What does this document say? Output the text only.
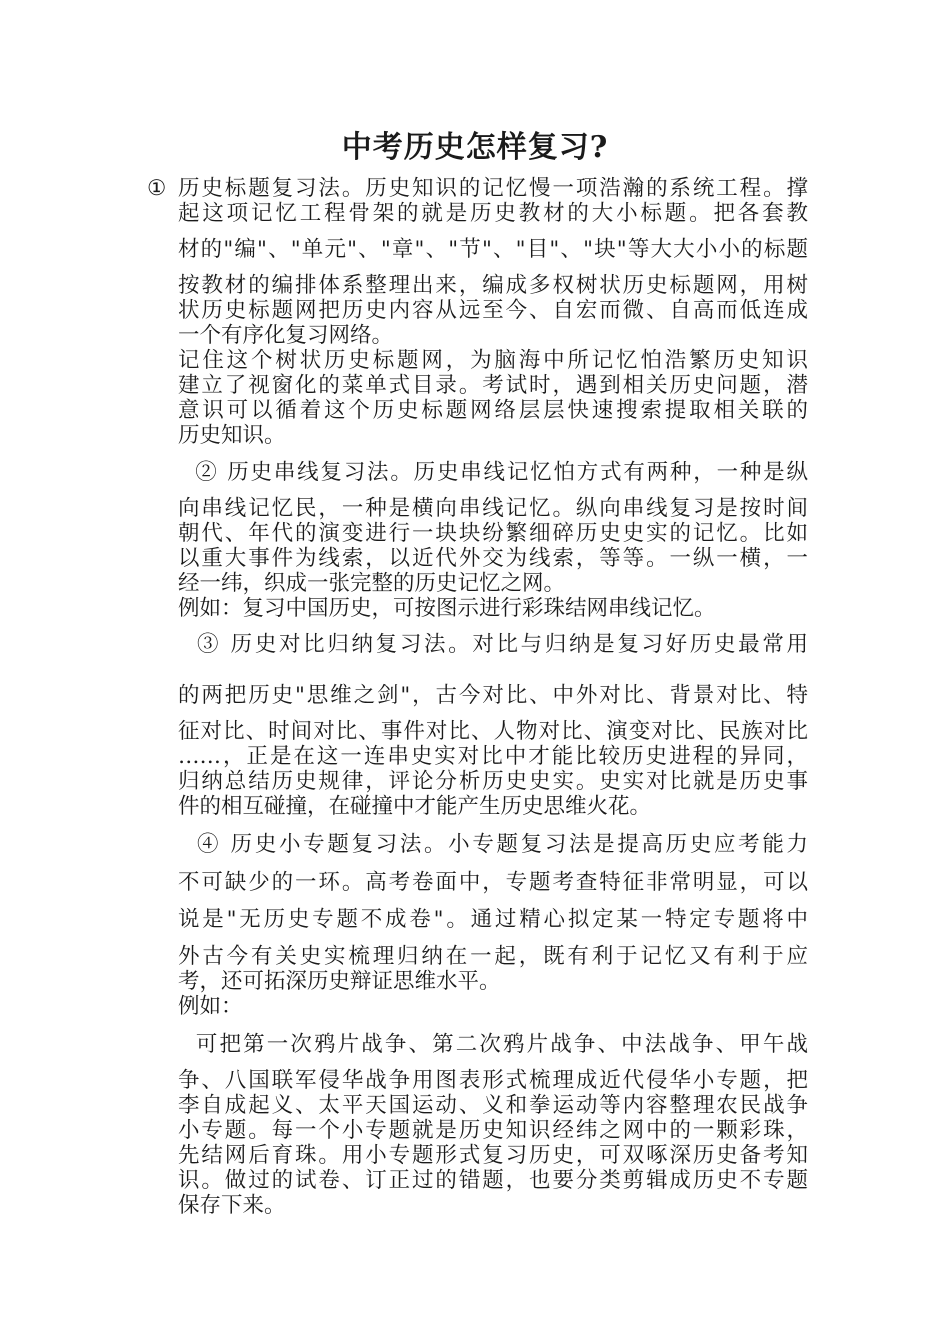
中考历史怎样复习?
① 历史标题复习法。历史知识的记忆慢一项浩瀚的系统工程。撑
起这项记忆工程骨架的就是历史教材的大小标题。把各套教
材的"编"、"单元"、"章"、"节"、"目"、"块"等大大小小的标题
按教材的编排体系整理出来，编成多权树状历史标题网，用树
状历史标题网把历史内容从远至今、自宏而微、自高而低连成
一个有序化复习网络。
记住这个树状历史标题网，为脑海中所记忆怕浩繁历史知识
建立了视窗化的菜单式目录。考试时，遇到相关历史问题，潜
意识可以循着这个历史标题网络层层快速搜索提取相关联的
历史知识。
② 历史串线复习法。历史串线记忆怕方式有两种，一种是纵
向串线记忆民，一种是横向串线记忆。纵向串线复习是按时间
朝代、年代的演变进行一块块纷繁细碎历史史实的记忆。比如
以重大事件为线索，以近代外交为线索，等等。一纵一横，一
经一纬，织成一张完整的历史记忆之网。
例如：复习中国历史，可按图示进行彩珠结网串线记忆。
③ 历史对比归纳复习法。对比与归纳是复习好历史最常用
的两把历史"思维之剑"，古今对比、中外对比、背景对比、特
征对比、时间对比、事件对比、人物对比、演变对比、民族对比
……，正是在这一连串史实对比中才能比较历史进程的异同，
归纳总结历史规律，评论分析历史史实。史实对比就是历史事
件的相互碰撞，在碰撞中才能产生历史思维火花。
④ 历史小专题复习法。小专题复习法是提高历史应考能力
不可缺少的一环。高考卷面中，专题考查特征非常明显，可以
说是"无历史专题不成卷"。通过精心拟定某一特定专题将中
外古今有关史实梳理归纳在一起，既有利于记忆又有利于应
考，还可拓深历史辩证思维水平。
例如：
可把第一次鸦片战争、第二次鸦片战争、中法战争、甲午战
争、八国联军侵华战争用图表形式梳理成近代侵华小专题，把
李自成起义、太平天国运动、义和拳运动等内容整理农民战争
小专题。每一个小专题就是历史知识经纬之网中的一颗彩珠，
先结网后育珠。用小专题形式复习历史，可双啄深历史备考知
识。做过的试卷、订正过的错题，也要分类剪辑成历史不专题
保存下来。
